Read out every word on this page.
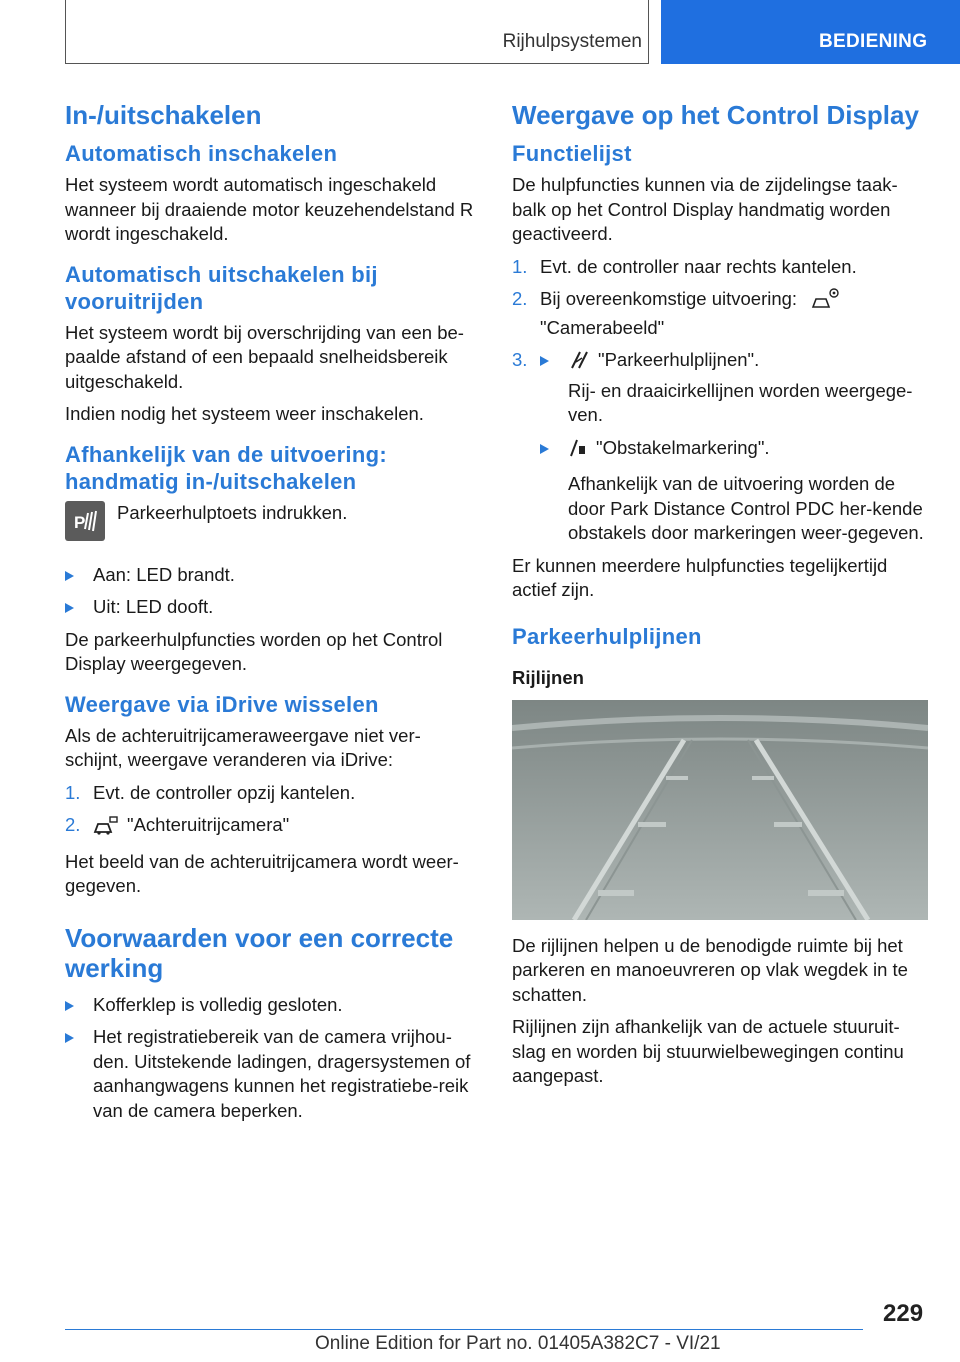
Rijhulpsystemen	BEDIENING
In-/uitschakelen
Automatisch inschakelen

Het systeem wordt automatisch ingeschakeld wanneer bij draaiende motor keuzehendelstand R wordt ingeschakeld.

Automatisch uitschakelen bij vooruitrijden

Het systeem wordt bij overschrijding van een be-paalde afstand of een bepaald snelheidsbereik uitgeschakeld.

Indien nodig het systeem weer inschakelen.

Afhankelijk van de uitvoering: handmatig in-/uitschakelen
P Parkeerhulptoets indrukken.
Aan: LED brandt.
Uit: LED dooft.

De parkeerhulpfuncties worden op het Control Display weergegeven.

Weergave via iDrive wisselen

Als de achteruitrijcameraweergave niet ver-schijnt, weergave veranderen via iDrive:

1. Evt. de controller opzij kantelen.
2.	"Achteruitrijcamera"

Het beeld van de achteruitrijcamera wordt weer-gegeven.

Voorwaarden voor een correcte werking
Kofferklep is volledig gesloten.
Het registratiebereik van de camera vrijhou-den. Uitstekende ladingen, dragersystemen of aanhangwagens kunnen het registratiebe-reik van de camera beperken.
Weergave op het Control Display
Functielijst

De hulpfuncties kunnen via de zijdelingse taak-balk op het Control Display handmatig worden geactiveerd.

1. Evt. de controller naar rechts kantelen.
2. Bij overeenkomstige uitvoering:
"Camerabeeld"
3.	"Parkeerhulplijnen".

Rij- en draaicirkellijnen worden weergege-ven.

"Obstakelmarkering".

Afhankelijk van de uitvoering worden de door Park Distance Control PDC her-kende obstakels door markeringen weer-gegeven.

Er kunnen meerdere hulpfuncties tegelijkertijd actief zijn.

Parkeerhulplijnen
Rijlijnen

De rijlijnen helpen u de benodigde ruimte bij het parkeren en manoeuvreren op vlak wegdek in te schatten.

Rijlijnen zijn afhankelijk van de actuele stuuruit-slag en worden bij stuurwielbewegingen continu aangepast.

229
Online Edition for Part no. 01405A382C7 - VI/21
